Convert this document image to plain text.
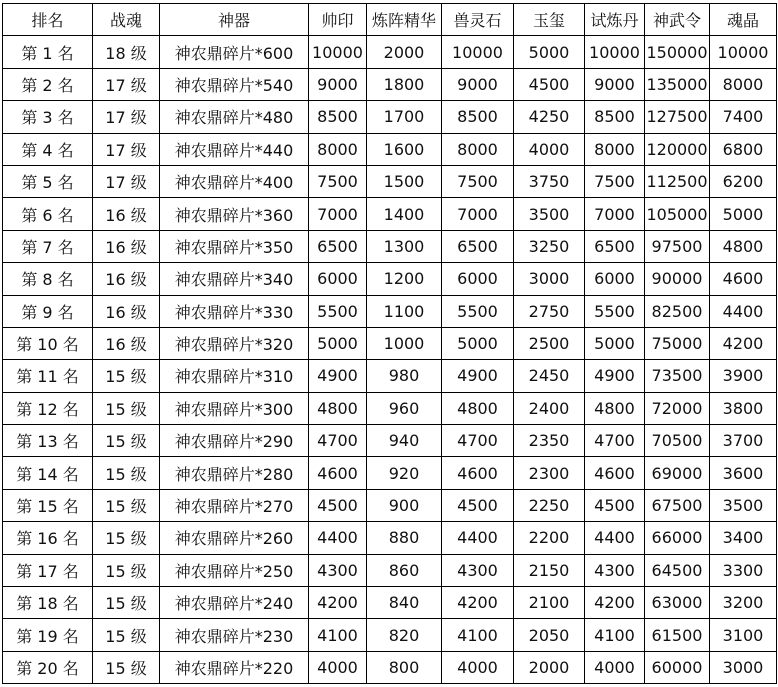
排名	战魂	神器	帅印	炼阵精华	兽灵石	玉玺	试炼丹	神武令	魂晶
第 1 名	18 级	神农鼎碎片*600	10000	2000	10000	5000	10000	150000	10000
第 2 名	17 级	神农鼎碎片*540	9000	1800	9000	4500	9000	135000	8000
第 3 名	17 级	神农鼎碎片*480	8500	1700	8500	4250	8500	127500	7400
第 4 名	17 级	神农鼎碎片*440	8000	1600	8000	4000	8000	120000	6800
第 5 名	17 级	神农鼎碎片*400	7500	1500	7500	3750	7500	112500	6200
第 6 名	16 级	神农鼎碎片*360	7000	1400	7000	3500	7000	105000	5000
第 7 名	16 级	神农鼎碎片*350	6500	1300	6500	3250	6500	97500	4800
第 8 名	16 级	神农鼎碎片*340	6000	1200	6000	3000	6000	90000	4600
第 9 名	16 级	神农鼎碎片*330	5500	1100	5500	2750	5500	82500	4400
第 10 名	16 级	神农鼎碎片*320	5000	1000	5000	2500	5000	75000	4200
第 11 名	15 级	神农鼎碎片*310	4900	980	4900	2450	4900	73500	3900
第 12 名	15 级	神农鼎碎片*300	4800	960	4800	2400	4800	72000	3800
第 13 名	15 级	神农鼎碎片*290	4700	940	4700	2350	4700	70500	3700
第 14 名	15 级	神农鼎碎片*280	4600	920	4600	2300	4600	69000	3600
第 15 名	15 级	神农鼎碎片*270	4500	900	4500	2250	4500	67500	3500
第 16 名	15 级	神农鼎碎片*260	4400	880	4400	2200	4400	66000	3400
第 17 名	15 级	神农鼎碎片*250	4300	860	4300	2150	4300	64500	3300
第 18 名	15 级	神农鼎碎片*240	4200	840	4200	2100	4200	63000	3200
第 19 名	15 级	神农鼎碎片*230	4100	820	4100	2050	4100	61500	3100
第 20 名	15 级	神农鼎碎片*220	4000	800	4000	2000	4000	60000	3000
